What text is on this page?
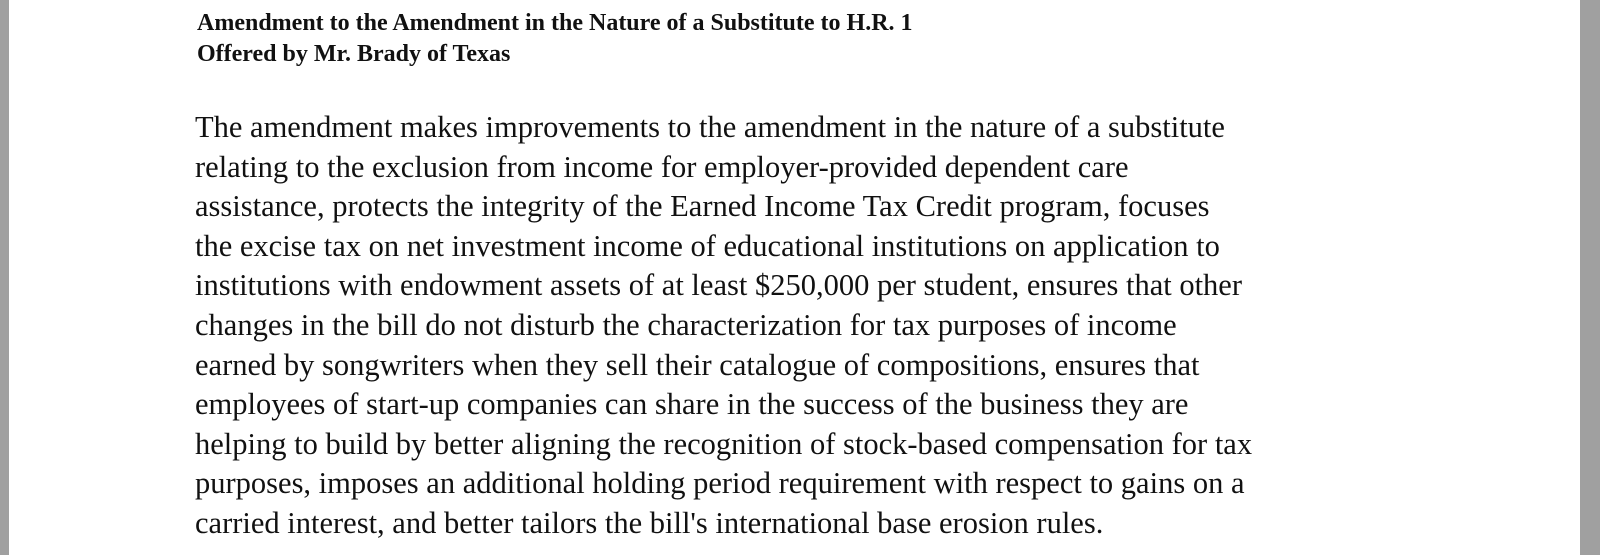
Amendment to the Amendment in the Nature of a Substitute to H.R. 1
Offered by Mr. Brady of Texas
The amendment makes improvements to the amendment in the nature of a substitute
relating to the exclusion from income for employer-provided dependent care
assistance, protects the integrity of the Earned Income Tax Credit program, focuses
the excise tax on net investment income of educational institutions on application to
institutions with endowment assets of at least $250,000 per student, ensures that other
changes in the bill do not disturb the characterization for tax purposes of income
earned by songwriters when they sell their catalogue of compositions, ensures that
employees of start-up companies can share in the success of the business they are
helping to build by better aligning the recognition of stock-based compensation for tax
purposes, imposes an additional holding period requirement with respect to gains on a
carried interest, and better tailors the bill's international base erosion rules.
